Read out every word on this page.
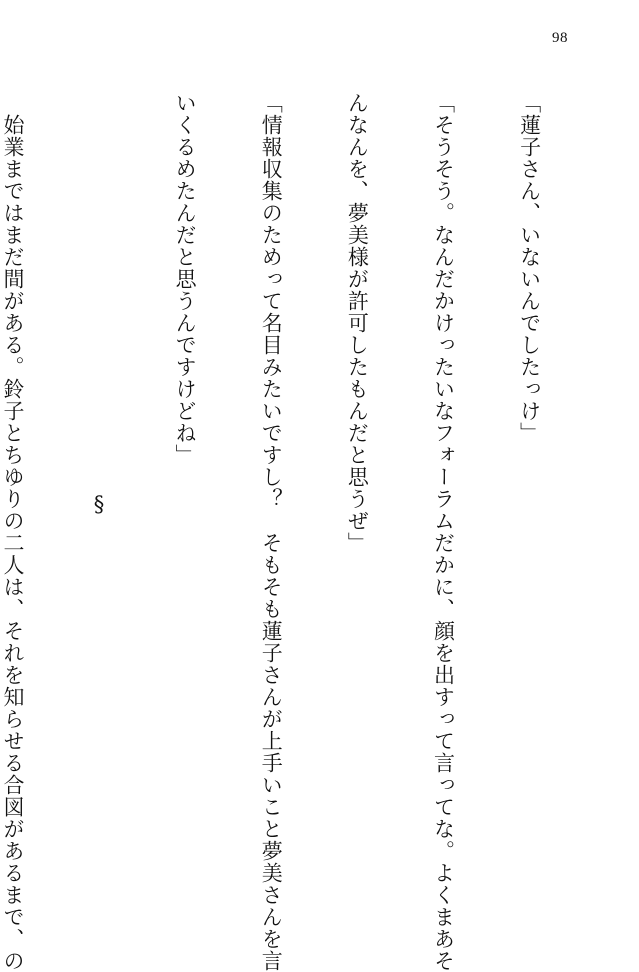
98

「蓮子さん、いないんでしたっけ」

「そうそう。なんだかけったいなフォーラムだかに、顔を出すって言ってな。よくまあそ

んなんを、夢美様が許可したもんだと思うぜ」

「情報収集のためって名目みたいですし？　そもそも蓮子さんが上手いこと夢美さんを言

いくるめたんだと思うんですけどね」

§

　始業まではまだ間がある。鈴子とちゆりの二人は、それを知らせる合図があるまで、の
